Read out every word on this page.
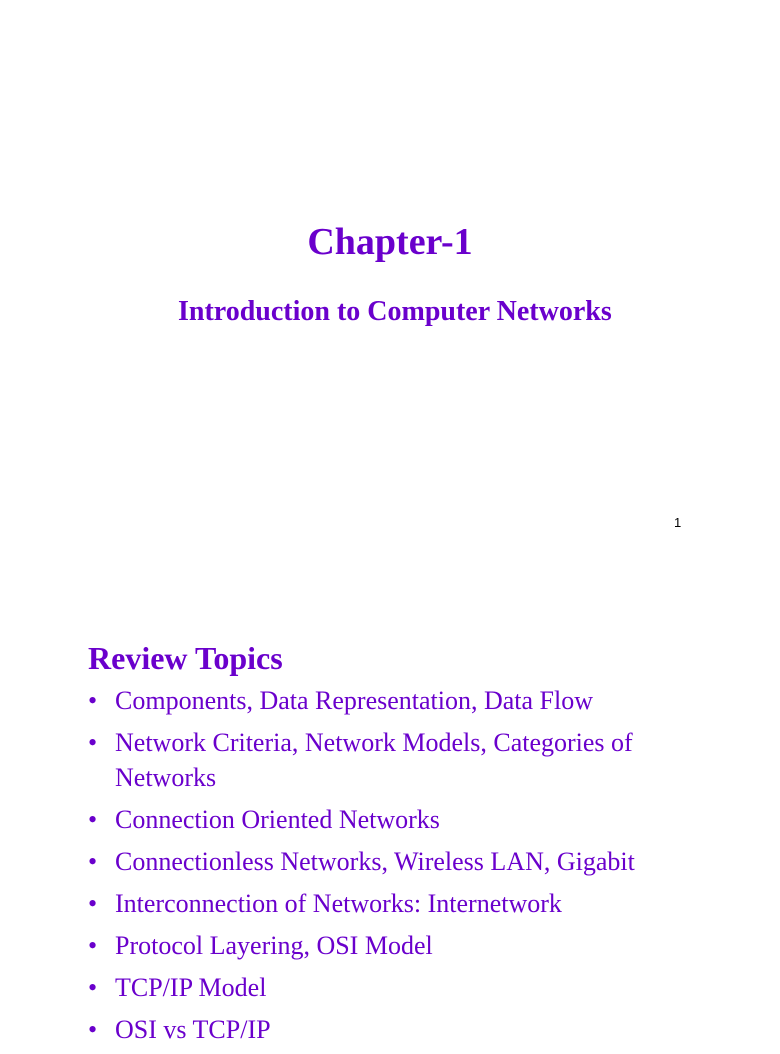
Chapter-1
Introduction to Computer Networks
1
Review Topics
• Components, Data Representation, Data Flow
• Network Criteria, Network Models, Categories of Networks
• Connection Oriented Networks
• Connectionless Networks, Wireless LAN, Gigabit
• Interconnection of Networks: Internetwork
• Protocol Layering, OSI Model
• TCP/IP Model
• OSI vs TCP/IP
